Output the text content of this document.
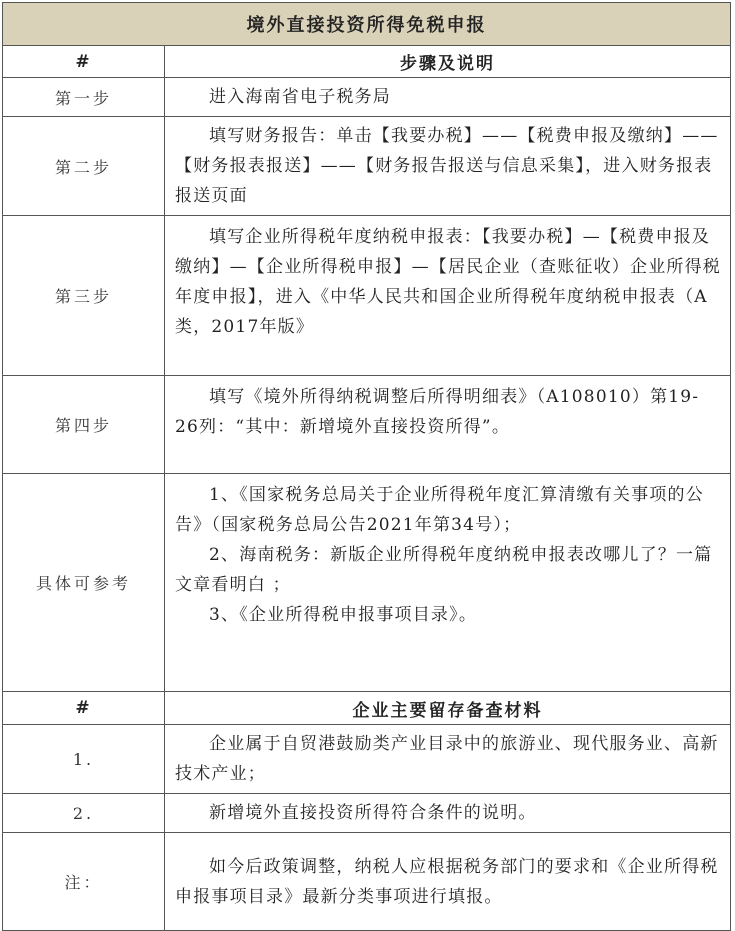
境外直接投资所得免税申报	
#	步骤及说明
第一步	进入海南省电子税务局

第二步	填写财务报告：单击【我要办税】——【税费申报及缴纳】——【财务报表报送】——【财务报告报送与信息采集】，进入财务报表报送页面

第三步	填写企业所得税年度纳税申报表：【我要办税】—【税费申报及缴纳】—【企业所得税申报】—【居民企业（查账征收）企业所得税年度申报】，进入《中华人民共和国企业所得税年度纳税申报表（A类，2017年版》

第四步	填写《境外所得纳税调整后所得明细表》（A108010）第19-26列：“其中：新增境外直接投资所得”。

具体可参考	1、《国家税务总局关于企业所得税年度汇算清缴有关事项的公告》（国家税务总局公告2021年第34号）；

2、海南税务：新版企业所得税年度纳税申报表改哪儿了？一篇文章看明白 ；

3、《企业所得税申报事项目录》。

#	企业主要留存备查材料
1.	企业属于自贸港鼓励类产业目录中的旅游业、现代服务业、高新技术产业；

2.	新增境外直接投资所得符合条件的说明。

注：	如今后政策调整，纳税人应根据税务部门的要求和《企业所得税申报事项目录》最新分类事项进行填报。
